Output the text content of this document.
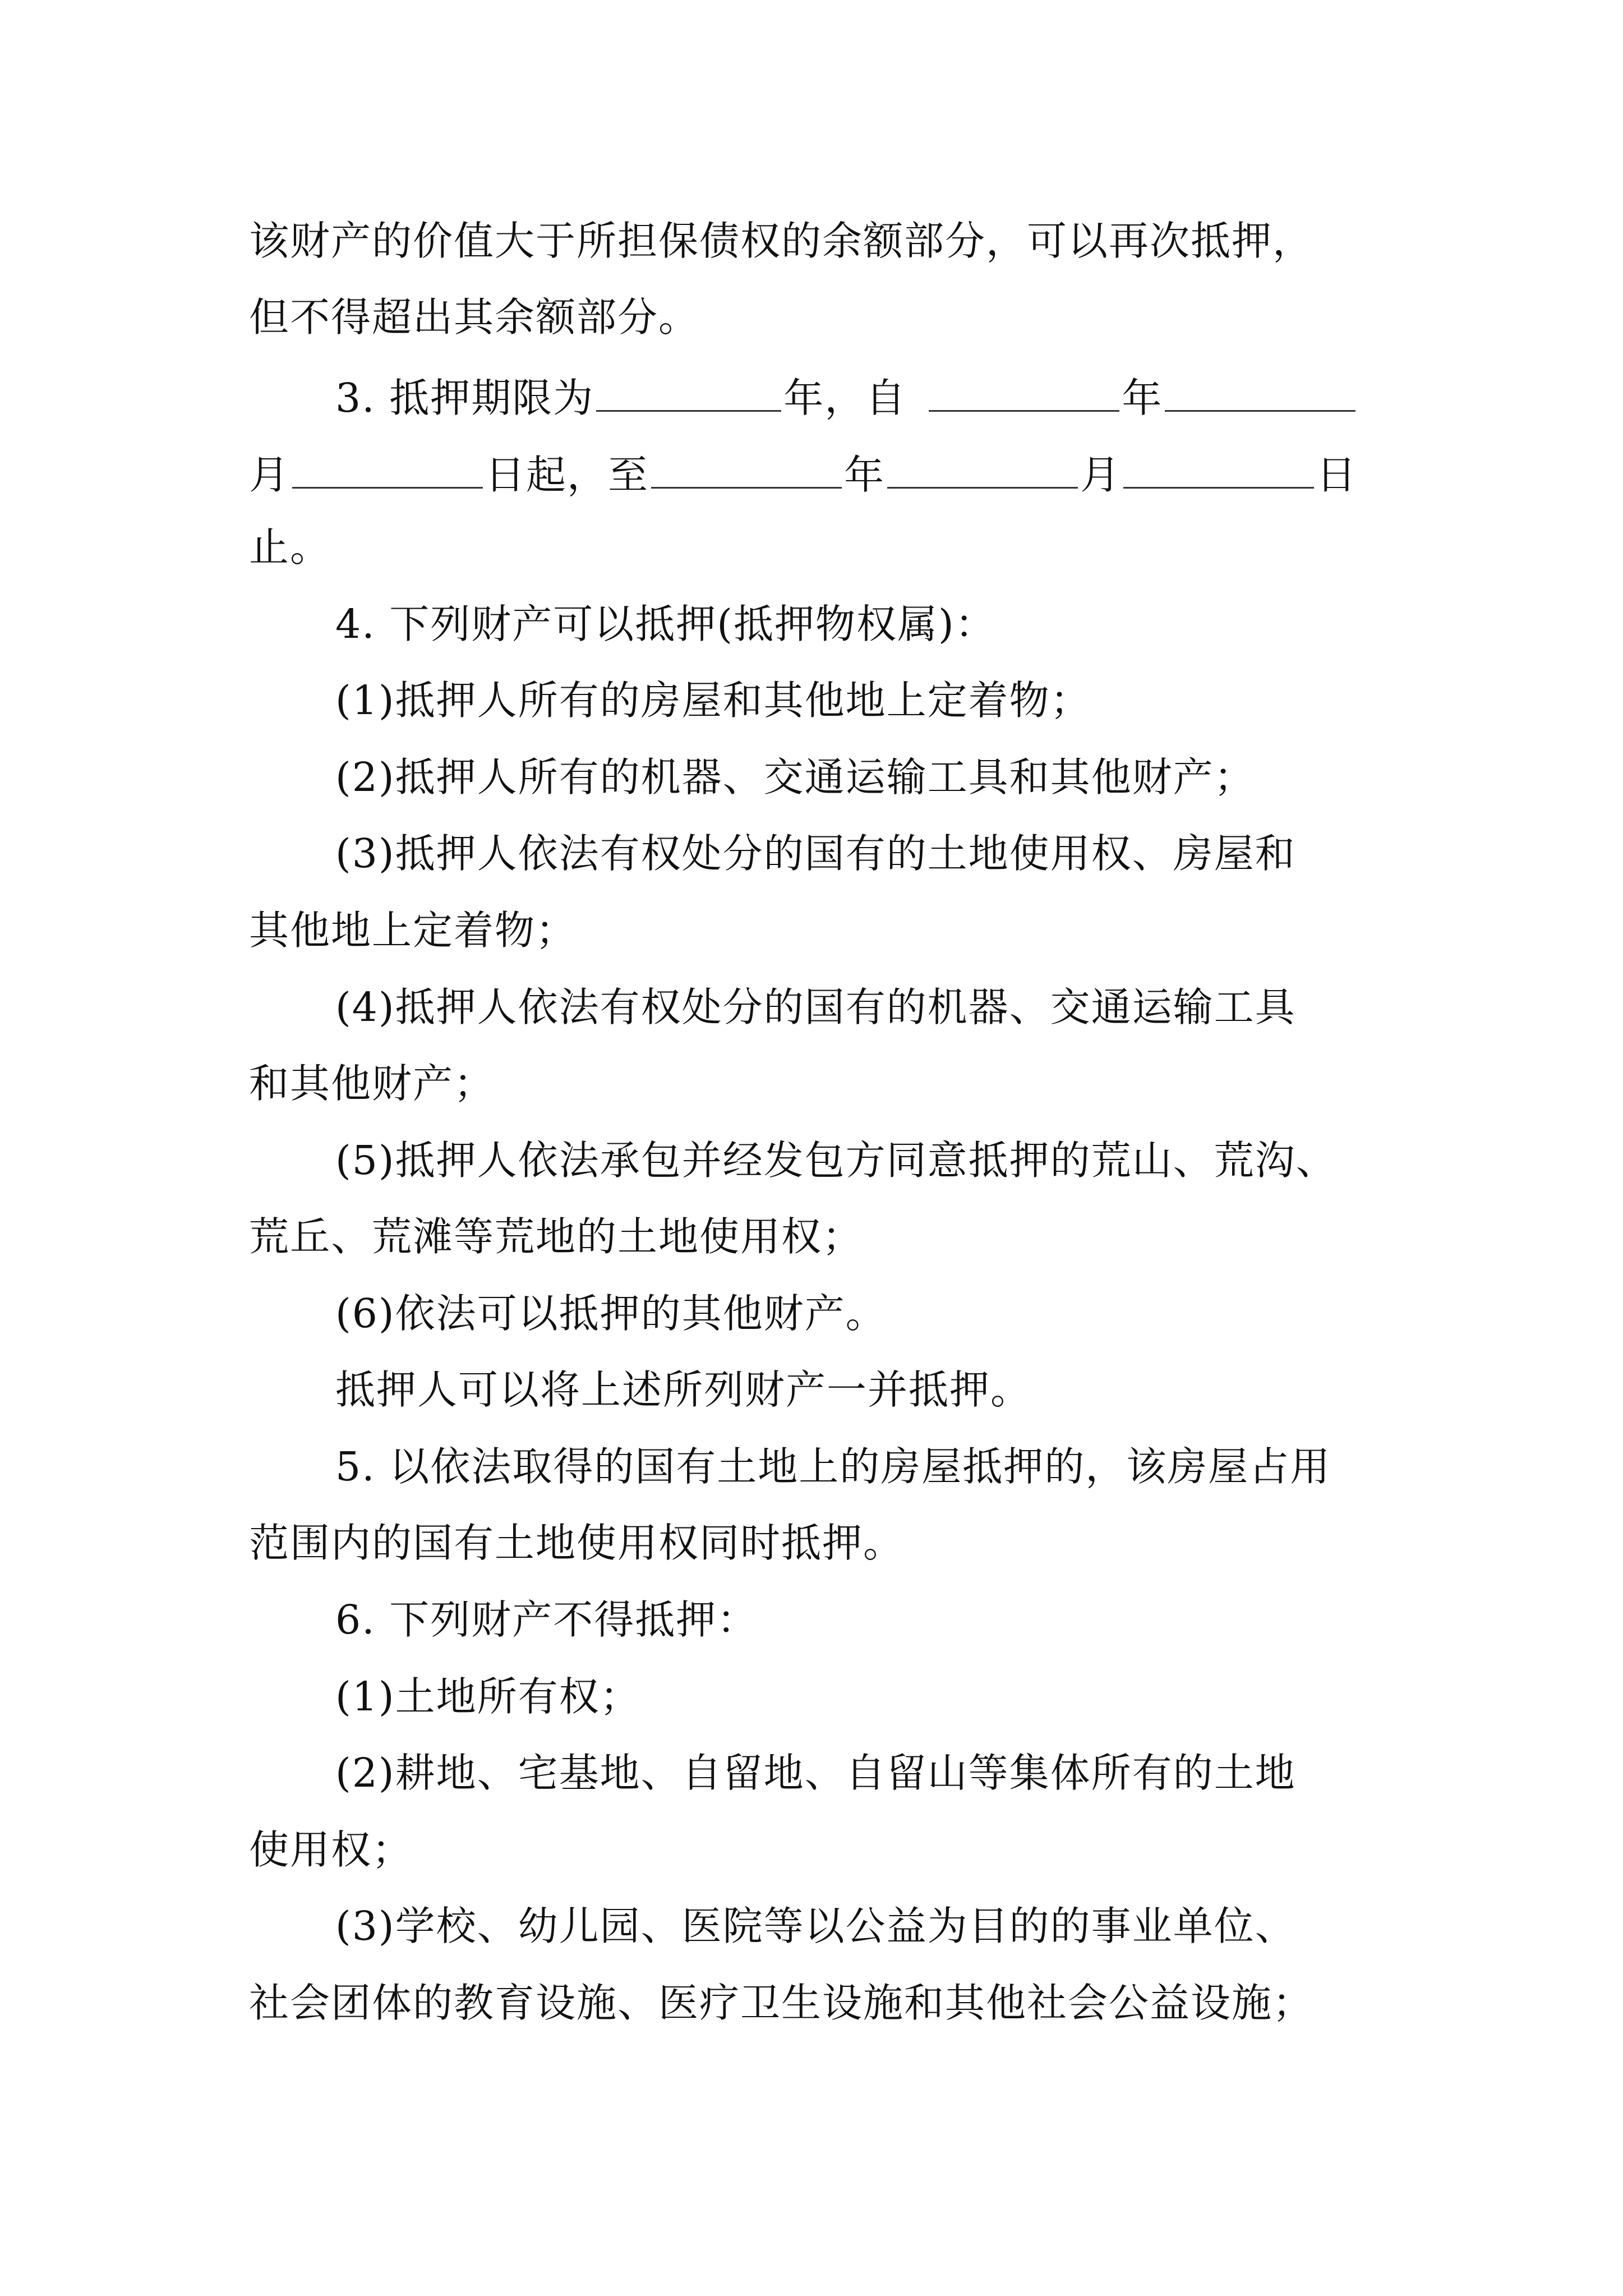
该财产的价值大于所担保债权的余额部分，可以再次抵押，
但不得超出其余额部分。
3. 抵押期限为	年，自	年
月	日起，至	年	月	日
止。
4. 下列财产可以抵押(抵押物权属)：
(1)抵押人所有的房屋和其他地上定着物；
(2)抵押人所有的机器、交通运输工具和其他财产；
(3)抵押人依法有权处分的国有的土地使用权、房屋和
其他地上定着物；
(4)抵押人依法有权处分的国有的机器、交通运输工具
和其他财产；
(5)抵押人依法承包并经发包方同意抵押的荒山、荒沟、
荒丘、荒滩等荒地的土地使用权；
(6)依法可以抵押的其他财产。
抵押人可以将上述所列财产一并抵押。
5. 以依法取得的国有土地上的房屋抵押的，该房屋占用
范围内的国有土地使用权同时抵押。
6. 下列财产不得抵押：
(1)土地所有权；
(2)耕地、宅基地、自留地、自留山等集体所有的土地
使用权；
(3)学校、幼儿园、医院等以公益为目的的事业单位、
社会团体的教育设施、医疗卫生设施和其他社会公益设施；
